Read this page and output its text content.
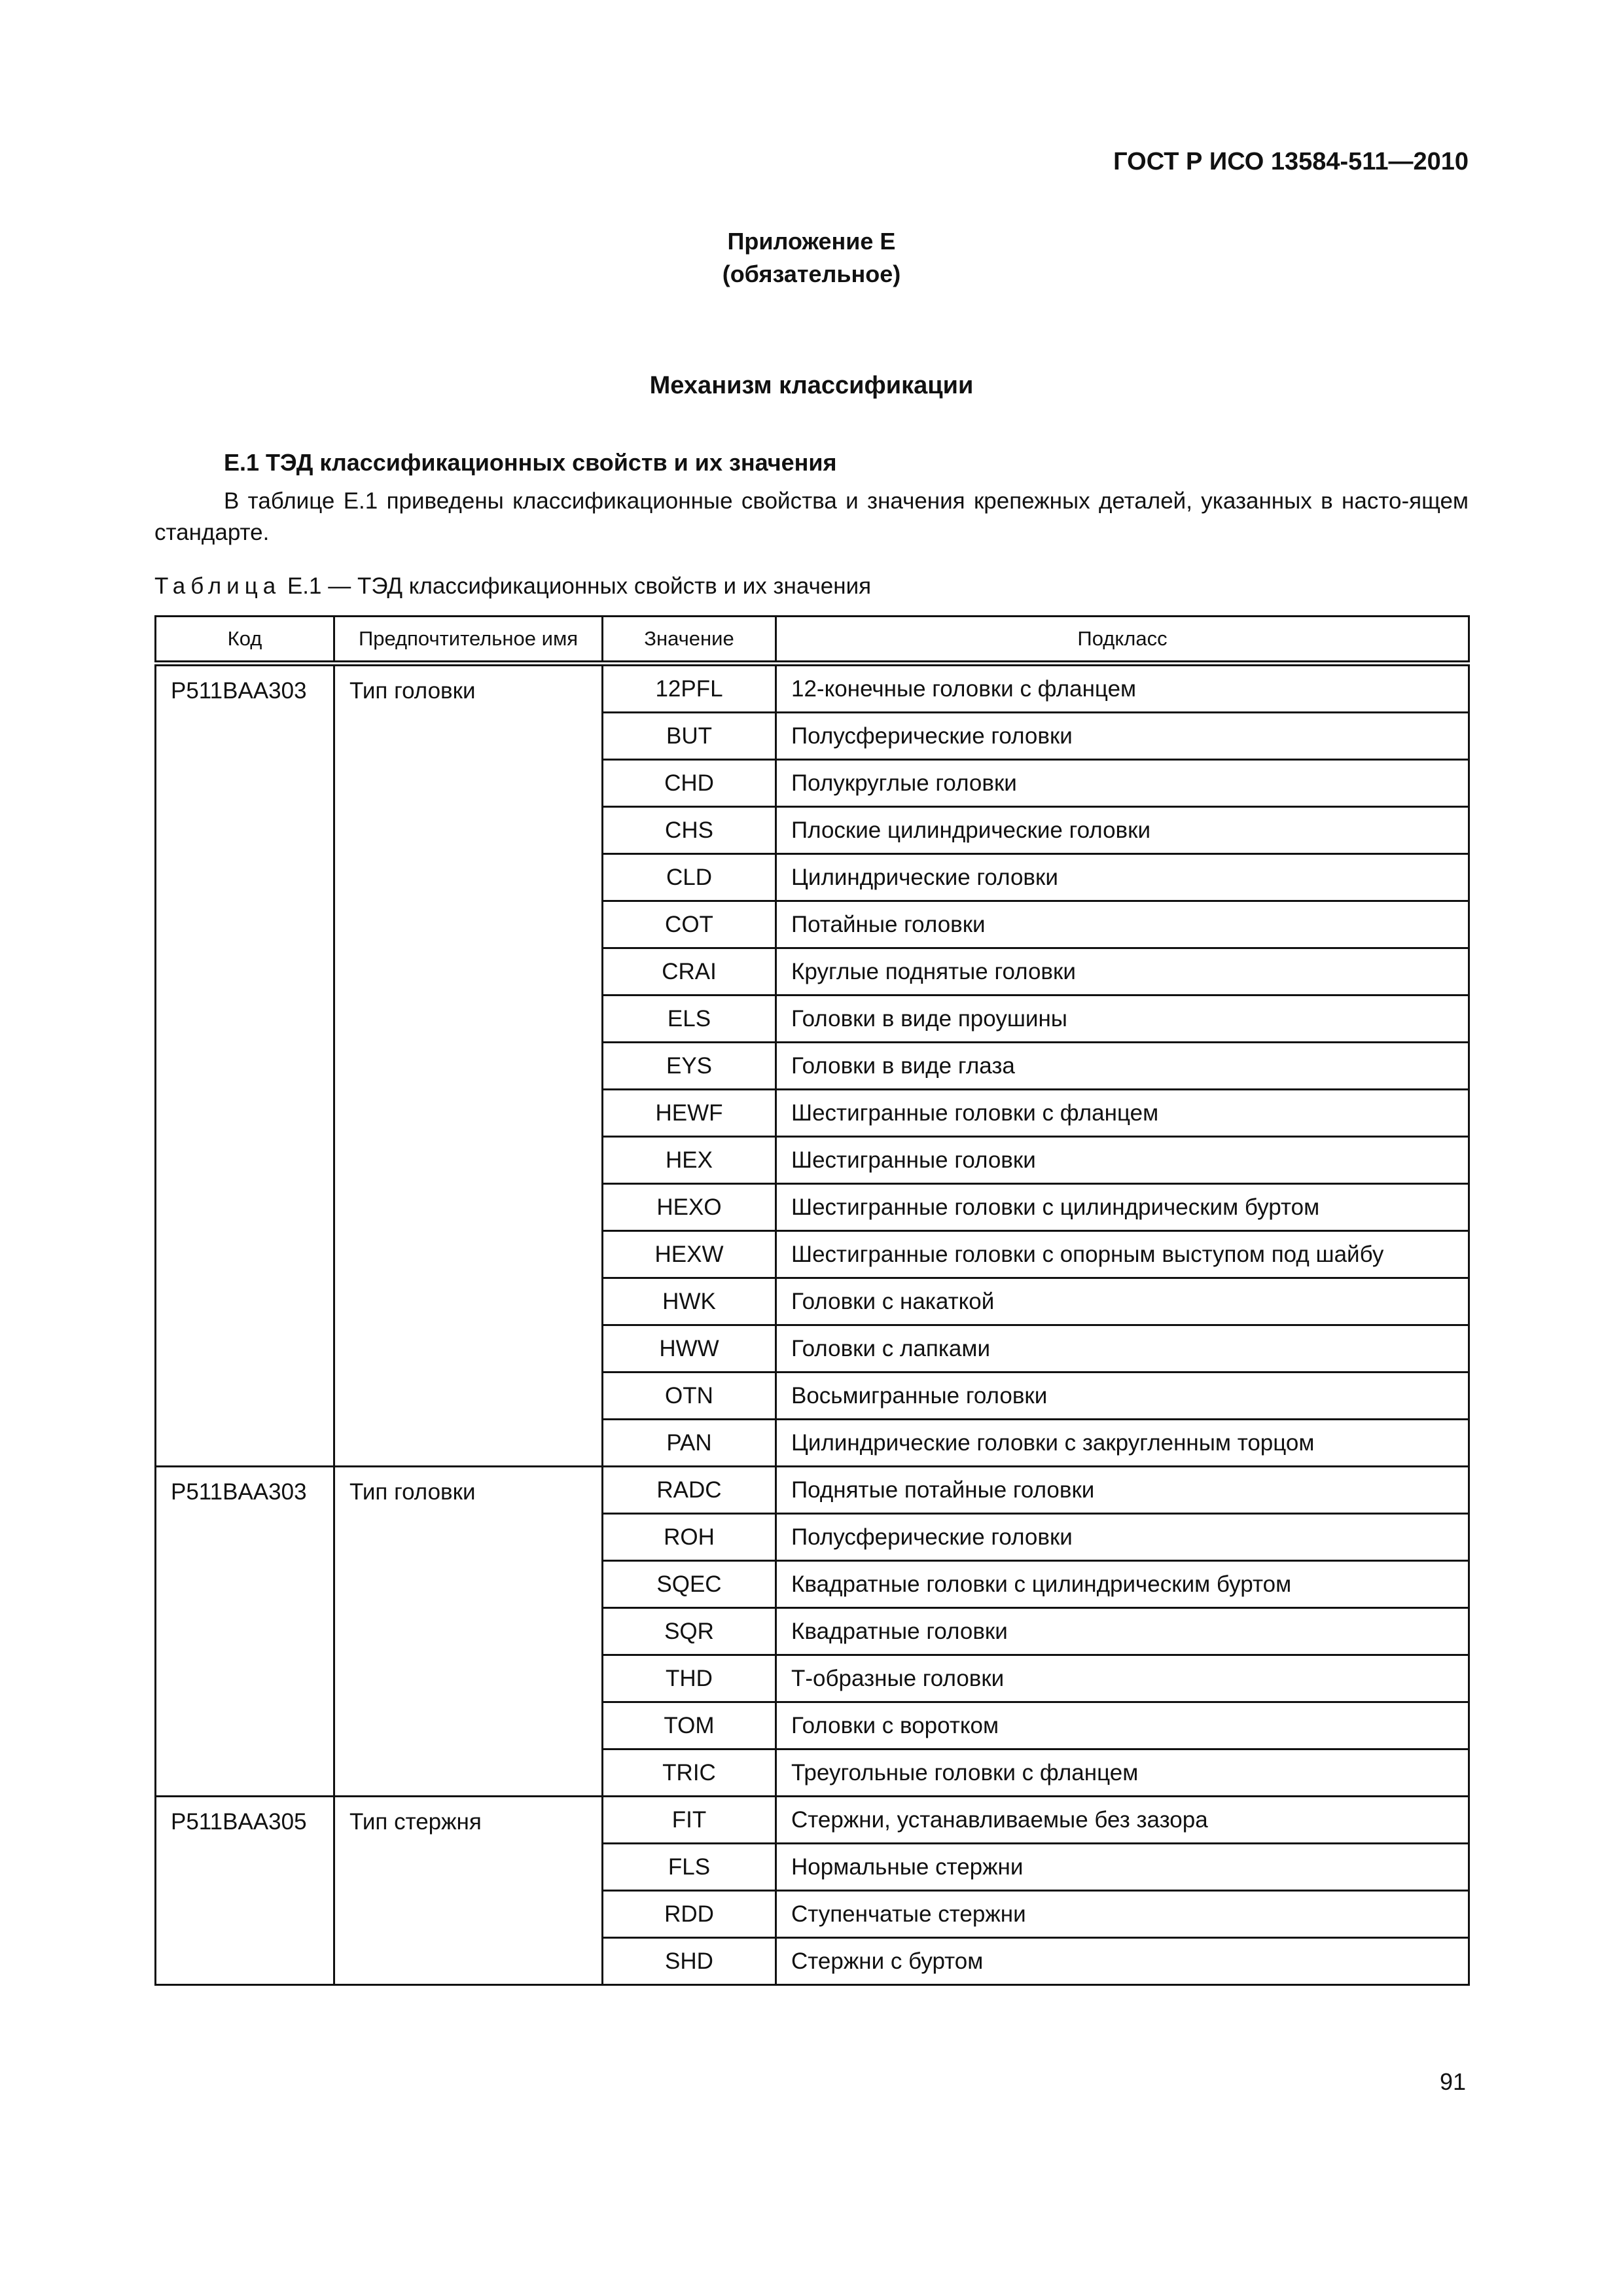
ГОСТ Р ИСО 13584-511—2010
Приложение Е
(обязательное)
Механизм классификации
Е.1 ТЭД классификационных свойств и их значения
В таблице Е.1 приведены классификационные свойства и значения крепежных деталей, указанных в насто-ящем стандарте.
Таблица Е.1 — ТЭД классификационных свойств и их значения
Код	Предпочтительное имя	Значение	Подкласс
P511BAA303	Тип головки	12PFL	12-конечные головки с фланцем
		BUT	Полусферические головки
		CHD	Полукруглые головки
		CHS	Плоские цилиндрические головки
		CLD	Цилиндрические головки
		COT	Потайные головки
		CRAI	Круглые поднятые головки
		ELS	Головки в виде проушины
		EYS	Головки в виде глаза
		HEWF	Шестигранные головки с фланцем
		HEX	Шестигранные головки
		HEXO	Шестигранные головки с цилиндрическим буртом
		HEXW	Шестигранные головки с опорным выступом под шайбу
		HWK	Головки с накаткой
		HWW	Головки с лапками
		OTN	Восьмигранные головки
		PAN	Цилиндрические головки с закругленным торцом
P511BAA303	Тип головки	RADC	Поднятые потайные головки
		ROH	Полусферические головки
		SQEC	Квадратные головки с цилиндрическим буртом
		SQR	Квадратные головки
		THD	Т-образные головки
		TOM	Головки с воротком
		TRIC	Треугольные головки с фланцем
P511BAA305	Тип стержня	FIT	Стержни, устанавливаемые без зазора
		FLS	Нормальные стержни
		RDD	Ступенчатые стержни
		SHD	Стержни с буртом
91
